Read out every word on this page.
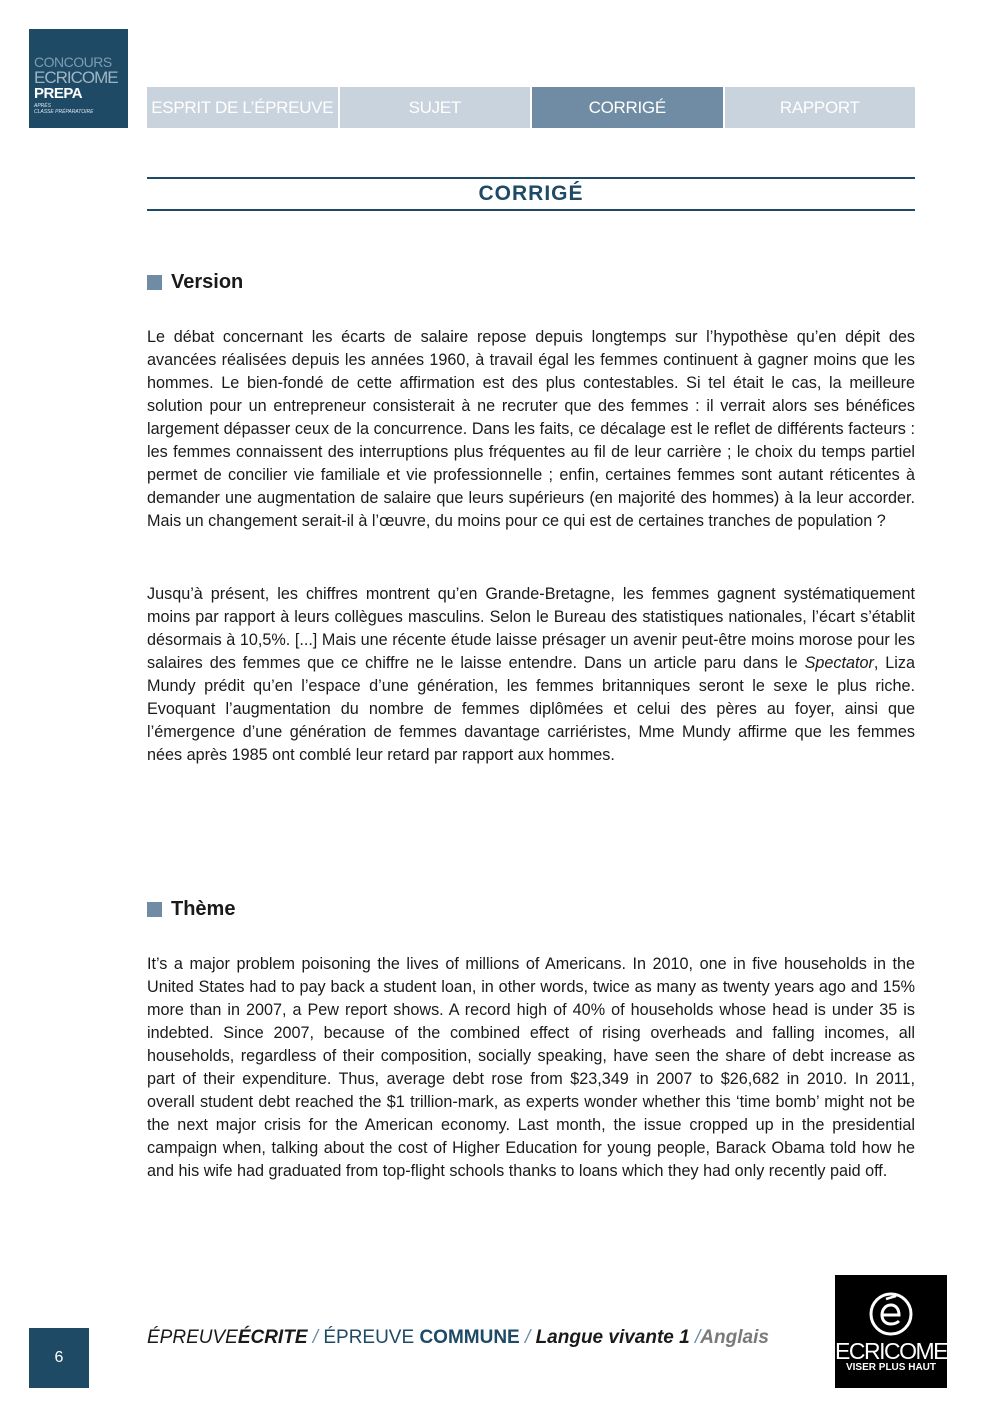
CONCOURS
ECRICOME
PREPA
APRÈS
CLASSE PRÉPARATOIRE	ESPRIT DE L’ÉPREUVE	SUJET	CORRIGÉ	RAPPORT
CORRIGÉ
Version

Le débat concernant les écarts de salaire repose depuis longtemps sur l’hypothèse qu’en dépit des avancées réalisées depuis les années 1960, à travail égal les femmes continuent à gagner moins que les hommes. Le bien-fondé de cette affirmation est des plus contestables. Si tel était le cas, la meilleure solution pour un entrepreneur consisterait à ne recruter que des femmes : il verrait alors ses bénéfices largement dépasser ceux de la concurrence. Dans les faits, ce décalage est le reflet de différents facteurs : les femmes connaissent des interruptions plus fréquentes au fil de leur carrière ; le choix du temps partiel permet de concilier vie familiale et vie professionnelle ; enfin, certaines femmes sont autant réticentes à demander une augmentation de salaire que leurs supérieurs (en majorité des hommes) à la leur accorder. Mais un changement serait-il à l’œuvre, du moins pour ce qui est de certaines tranches de population ?

Jusqu’à présent, les chiffres montrent qu’en Grande-Bretagne, les femmes gagnent systématiquement moins par rapport à leurs collègues masculins. Selon le Bureau des statistiques nationales, l’écart s’établit désormais à 10,5%. [...] Mais une récente étude laisse présager un avenir peut-être moins morose pour les salaires des femmes que ce chiffre ne le laisse entendre. Dans un article paru dans le Spectator, Liza Mundy prédit qu’en l’espace d’une génération, les femmes britanniques seront le sexe le plus riche. Evoquant l’augmentation du nombre de femmes diplômées et celui des pères au foyer, ainsi que l’émergence d’une génération de femmes davantage carriéristes, Mme Mundy affirme que les femmes nées après 1985 ont comblé leur retard par rapport aux hommes.

Thème

It’s a major problem poisoning the lives of millions of Americans. In 2010, one in five households in the United States had to pay back a student loan, in other words, twice as many as twenty years ago and 15% more than in 2007, a Pew report shows. A record high of 40% of households whose head is under 35 is indebted. Since 2007, because of the combined effect of rising overheads and falling incomes, all households, regardless of their composition, socially speaking, have seen the share of debt increase as part of their expenditure. Thus, average debt rose from $23,349 in 2007 to $26,682 in 2010. In 2011, overall student debt reached the $1 trillion-mark, as experts wonder whether this ‘time bomb’ might not be the next major crisis for the American economy. Last month, the issue cropped up in the presidential campaign when, talking about the cost of Higher Education for young people, Barack Obama told how he and his wife had graduated from top-flight schools thanks to loans which they had only recently paid off.

6
ÉPREUVEÉCRITE / ÉPREUVE COMMUNE / Langue vivante 1 /Anglais
ECRICOME
VISER PLUS HAUT
